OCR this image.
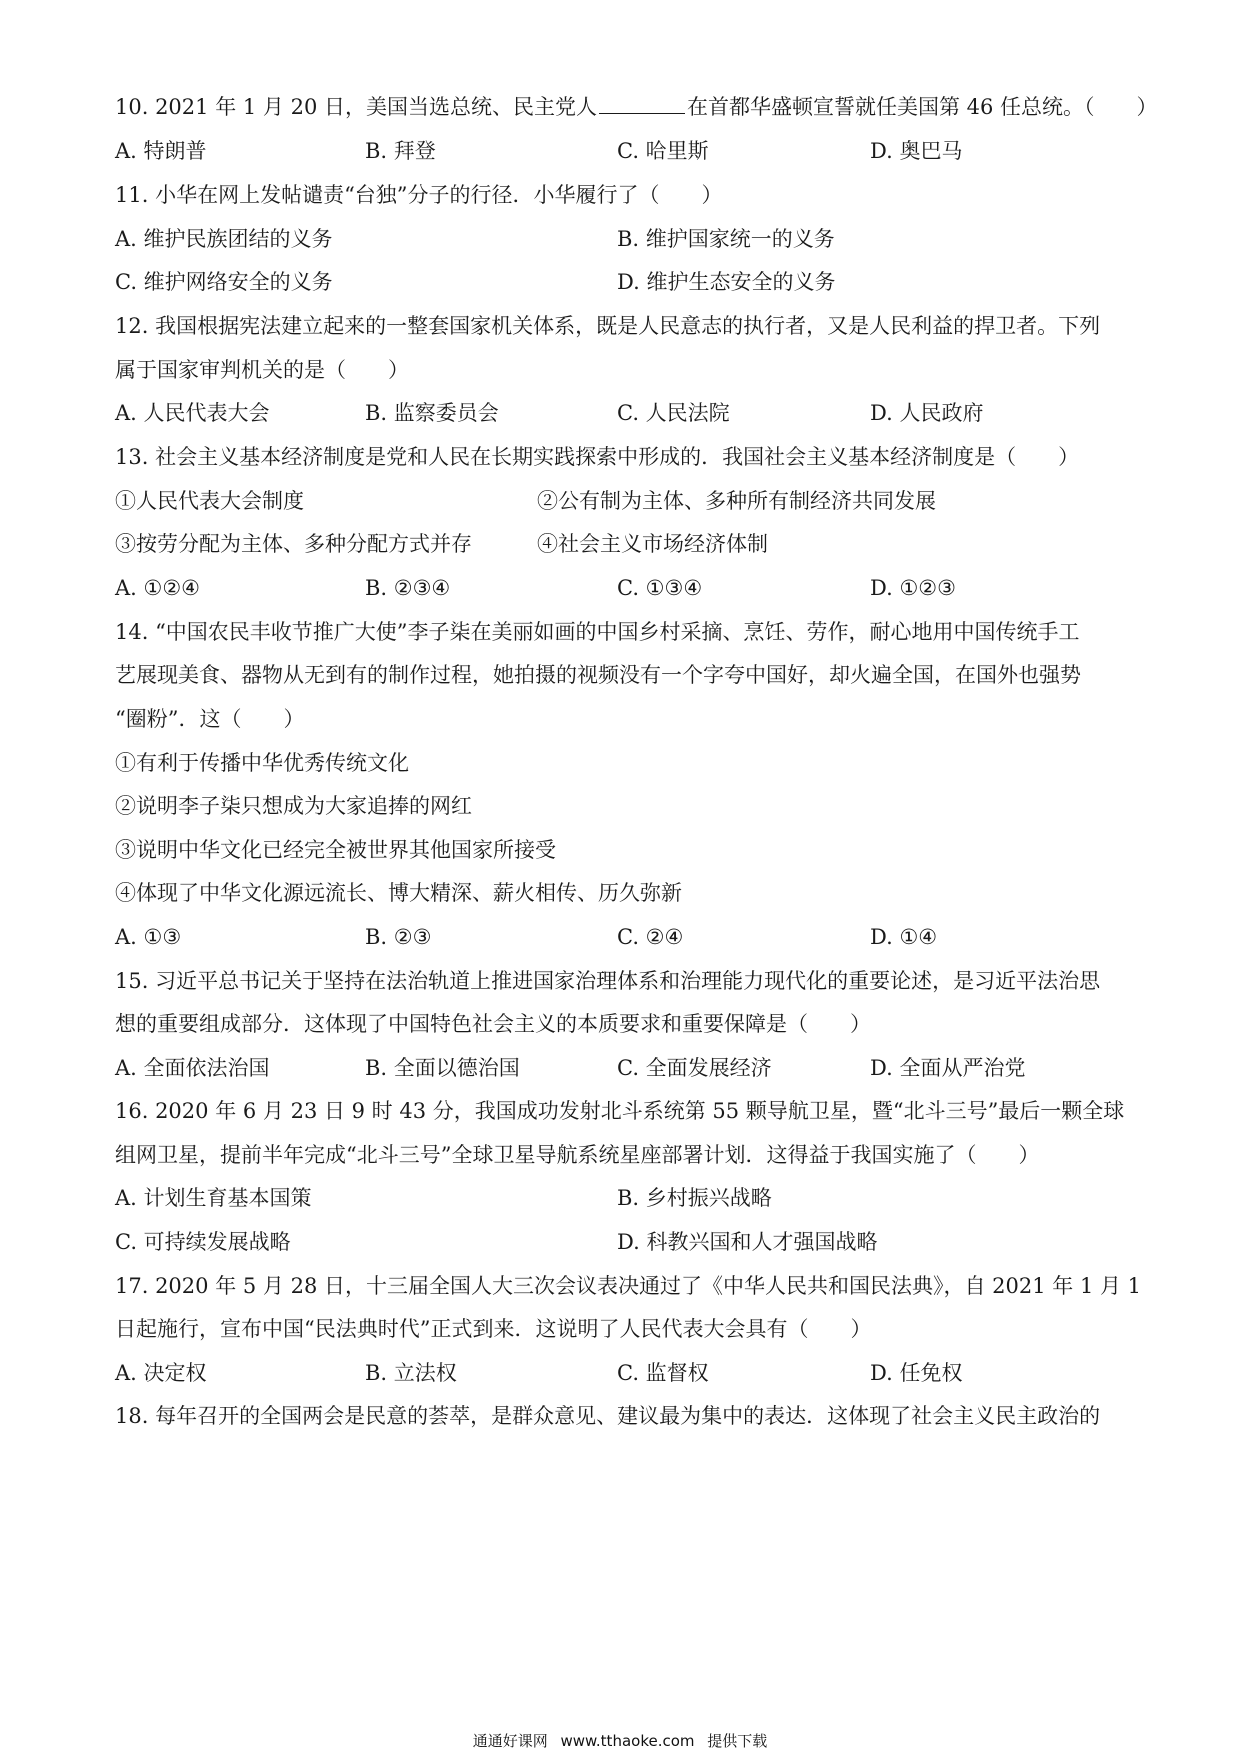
10. 2021 年 1 月 20 日，美国当选总统、民主党人	在首都华盛顿宣誓就任美国第 46 任总统。（　　）
A. 特朗普	B. 拜登	C. 哈里斯	D. 奥巴马
11. 小华在网上发帖谴责“台独”分子的行径．小华履行了（　　）
A. 维护民族团结的义务	B. 维护国家统一的义务
C. 维护网络安全的义务	D. 维护生态安全的义务
12. 我国根据宪法建立起来的一整套国家机关体系，既是人民意志的执行者，又是人民利益的捍卫者。下列
属于国家审判机关的是（　　）
A. 人民代表大会	B. 监察委员会	C. 人民法院	D. 人民政府
13. 社会主义基本经济制度是党和人民在长期实践探索中形成的．我国社会主义基本经济制度是（　　）
①人民代表大会制度	②公有制为主体、多种所有制经济共同发展
③按劳分配为主体、多种分配方式并存	④社会主义市场经济体制
A. ①②④	B. ②③④	C. ①③④	D. ①②③
14. “中国农民丰收节推广大使”李子柒在美丽如画的中国乡村采摘、烹饪、劳作，耐心地用中国传统手工
艺展现美食、器物从无到有的制作过程，她拍摄的视频没有一个字夸中国好，却火遍全国，在国外也强势
“圈粉”．这（　　）
①有利于传播中华优秀传统文化
②说明李子柒只想成为大家追捧的网红
③说明中华文化已经完全被世界其他国家所接受
④体现了中华文化源远流长、博大精深、薪火相传、历久弥新
A. ①③	B. ②③	C. ②④	D. ①④
15. 习近平总书记关于坚持在法治轨道上推进国家治理体系和治理能力现代化的重要论述，是习近平法治思
想的重要组成部分．这体现了中国特色社会主义的本质要求和重要保障是（　　）
A. 全面依法治国	B. 全面以德治国	C. 全面发展经济	D. 全面从严治党
16. 2020 年 6 月 23 日 9 时 43 分，我国成功发射北斗系统第 55 颗导航卫星，暨“北斗三号”最后一颗全球
组网卫星，提前半年完成“北斗三号”全球卫星导航系统星座部署计划．这得益于我国实施了（　　）
A. 计划生育基本国策	B. 乡村振兴战略
C. 可持续发展战略	D. 科教兴国和人才强国战略
17. 2020 年 5 月 28 日，十三届全国人大三次会议表决通过了《中华人民共和国民法典》，自 2021 年 1 月 1
日起施行，宣布中国“民法典时代”正式到来．这说明了人民代表大会具有（　　）
A. 决定权	B. 立法权	C. 监督权	D. 任免权
18. 每年召开的全国两会是民意的荟萃，是群众意见、建议最为集中的表达．这体现了社会主义民主政治的
通通好课网 www.tthaoke.com 提供下载
